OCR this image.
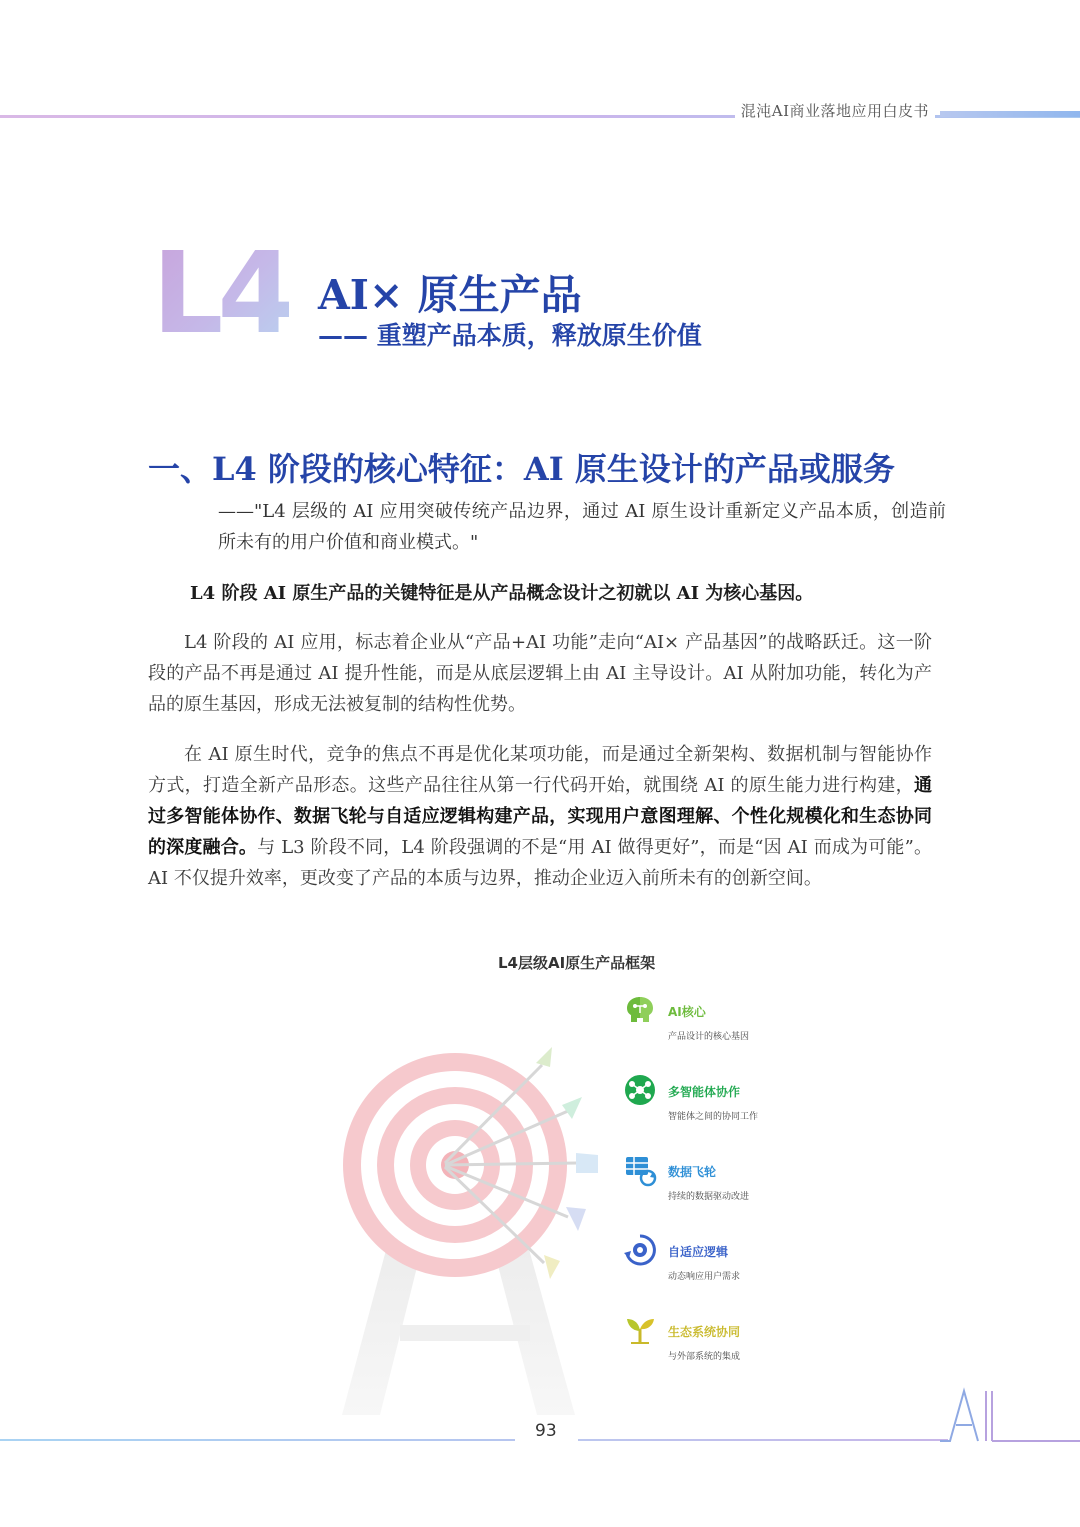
混沌AI商业落地应用白皮书
L4 AI× 原生产品
—— 重塑产品本质，释放原生价值
一、L4 阶段的核心特征：AI 原生设计的产品或服务
——"L4 层级的 AI 应用突破传统产品边界，通过 AI 原生设计重新定义产品本质，创造前所未有的用户价值和商业模式。"
L4 阶段 AI 原生产品的关键特征是从产品概念设计之初就以 AI 为核心基因。

L4 阶段的 AI 应用，标志着企业从“产品+AI 功能”走向“AI× 产品基因”的战略跃迁。这一阶段的产品不再是通过 AI 提升性能，而是从底层逻辑上由 AI 主导设计。AI 从附加功能，转化为产品的原生基因，形成无法被复制的结构性优势。

在 AI 原生时代，竞争的焦点不再是优化某项功能，而是通过全新架构、数据机制与智能协作方式，打造全新产品形态。这些产品往往从第一行代码开始，就围绕 AI 的原生能力进行构建，通过多智能体协作、数据飞轮与自适应逻辑构建产品，实现用户意图理解、个性化规模化和生态协同的深度融合。与 L3 阶段不同，L4 阶段强调的不是“用 AI 做得更好”，而是“因 AI 而成为可能”。AI 不仅提升效率，更改变了产品的本质与边界，推动企业迈入前所未有的创新空间。

L4层级AI原生产品框架
AI核心
产品设计的核心基因
多智能体协作
智能体之间的协同工作
数据飞轮
持续的数据驱动改进
自适应逻辑
动态响应用户需求
生态系统协同
与外部系统的集成
93
